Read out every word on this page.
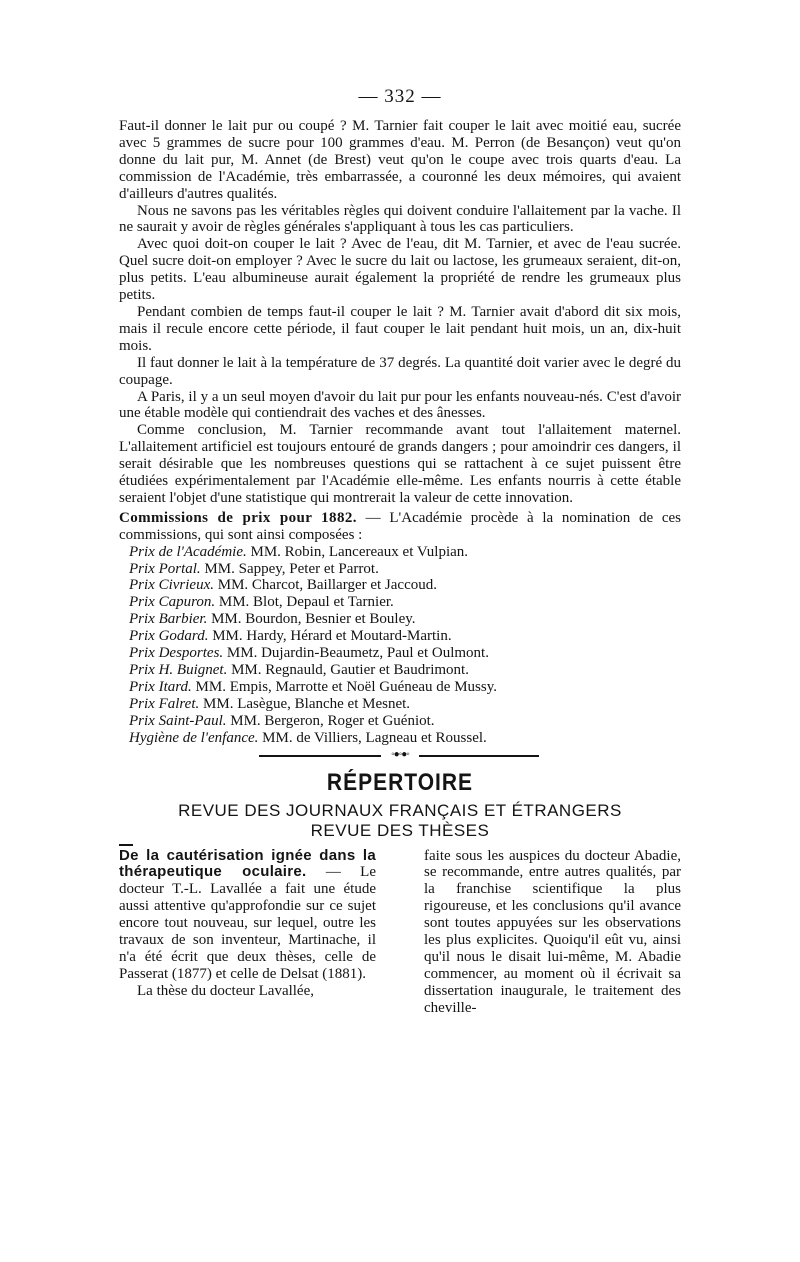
— 332 —

Faut-il donner le lait pur ou coupé ? M. Tarnier fait couper le lait avec moitié eau, sucrée avec 5 grammes de sucre pour 100 grammes d'eau. M. Perron (de Besançon) veut qu'on donne du lait pur, M. Annet (de Brest) veut qu'on le coupe avec trois quarts d'eau. La commission de l'Académie, très embarrassée, a couronné les deux mémoires, qui avaient d'ailleurs d'autres qualités.

Nous ne savons pas les véritables règles qui doivent conduire l'allaitement par la vache. Il ne saurait y avoir de règles générales s'appliquant à tous les cas particuliers.

Avec quoi doit-on couper le lait ? Avec de l'eau, dit M. Tarnier, et avec de l'eau sucrée. Quel sucre doit-on employer ? Avec le sucre du lait ou lactose, les grumeaux seraient, dit-on, plus petits. L'eau albumineuse aurait également la propriété de rendre les grumeaux plus petits.

Pendant combien de temps faut-il couper le lait ? M. Tarnier avait d'abord dit six mois, mais il recule encore cette période, il faut couper le lait pendant huit mois, un an, dix-huit mois.

Il faut donner le lait à la température de 37 degrés. La quantité doit varier avec le degré du coupage.

A Paris, il y a un seul moyen d'avoir du lait pur pour les enfants nouveau-nés. C'est d'avoir une étable modèle qui contiendrait des vaches et des ânesses.

Comme conclusion, M. Tarnier recommande avant tout l'allaitement maternel. L'allaitement artificiel est toujours entouré de grands dangers ; pour amoindrir ces dangers, il serait désirable que les nombreuses questions qui se rattachent à ce sujet puissent être étudiées expérimentalement par l'Académie elle-même. Les enfants nourris à cette étable seraient l'objet d'une statistique qui montrerait la valeur de cette innovation.

Commissions de prix pour 1882. — L'Académie procède à la nomination de ces commissions, qui sont ainsi composées :

Prix de l'Académie. MM. Robin, Lancereaux et Vulpian.
Prix Portal. MM. Sappey, Peter et Parrot.
Prix Civrieux. MM. Charcot, Baillarger et Jaccoud.
Prix Capuron. MM. Blot, Depaul et Tarnier.
Prix Barbier. MM. Bourdon, Besnier et Bouley.
Prix Godard. MM. Hardy, Hérard et Moutard-Martin.
Prix Desportes. MM. Dujardin-Beaumetz, Paul et Oulmont.
Prix H. Buignet. MM. Regnauld, Gautier et Baudrimont.
Prix Itard. MM. Empis, Marrotte et Noël Guéneau de Mussy.
Prix Falret. MM. Lasègue, Blanche et Mesnet.
Prix Saint-Paul. MM. Bergeron, Roger et Guéniot.
Hygiène de l'enfance. MM. de Villiers, Lagneau et Roussel.
◦●◦●◦
RÉPERTOIRE
REVUE DES JOURNAUX FRANÇAIS ET ÉTRANGERS
REVUE DES THÈSES

De la cautérisation ignée dans la thérapeutique oculaire. — Le docteur T.-L. Lavallée a fait une étude aussi attentive qu'approfondie sur ce sujet encore tout nouveau, sur lequel, outre les travaux de son inventeur, Martinache, il n'a été écrit que deux thèses, celle de Passerat (1877) et celle de Delsat (1881).

La thèse du docteur Lavallée,

faite sous les auspices du docteur Abadie, se recommande, entre autres qualités, par la franchise scientifique la plus rigoureuse, et les conclusions qu'il avance sont toutes appuyées sur les observations les plus explicites. Quoiqu'il eût vu, ainsi qu'il nous le disait lui-même, M. Abadie commencer, au moment où il écrivait sa dissertation inaugurale, le traitement des cheville-
